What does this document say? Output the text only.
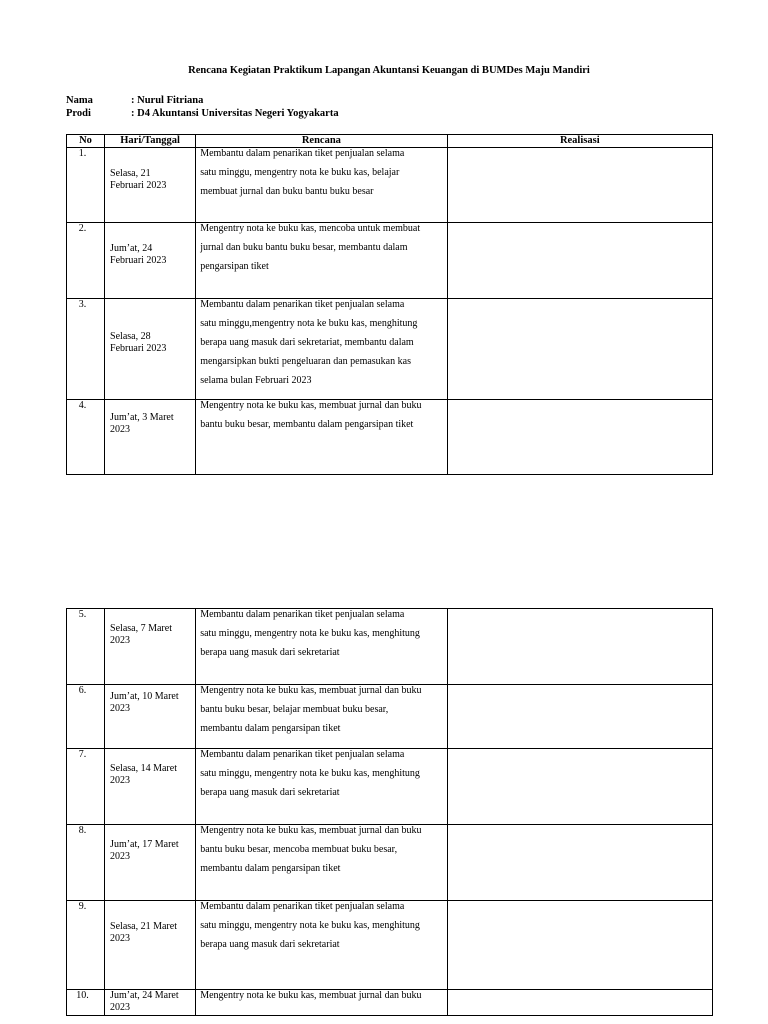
Rencana Kegiatan Praktikum Lapangan Akuntansi Keuangan di BUMDes Maju Mandiri
Nama	: Nurul Fitriana
Prodi	: D4 Akuntansi Universitas Negeri Yogyakarta
No	Hari/Tanggal	Rencana	Realisasi
1.	Selasa, 21
Februari 2023	Membantu dalam penarikan tiket penjualan selama
satu minggu, mengentry nota ke buku kas, belajar
membuat jurnal dan buku bantu buku besar	

2.	Jum’at, 24
Februari 2023	Mengentry nota ke buku kas, mencoba untuk membuat
jurnal dan buku bantu buku besar, membantu dalam
pengarsipan tiket	

3.	Selasa, 28
Februari 2023	Membantu dalam penarikan tiket penjualan selama
satu minggu,mengentry nota ke buku kas, menghitung
berapa uang masuk dari sekretariat, membantu dalam
mengarsipkan bukti pengeluaran dan pemasukan kas
selama bulan Februari 2023	

4.	Jum’at, 3 Maret
2023	Mengentry nota ke buku kas, membuat jurnal dan buku
bantu buku besar, membantu dalam pengarsipan tiket	

5.	Selasa, 7 Maret
2023	Membantu dalam penarikan tiket penjualan selama
satu minggu, mengentry nota ke buku kas, menghitung
berapa uang masuk dari sekretariat	

6.	Jum’at, 10 Maret
2023	Mengentry nota ke buku kas, membuat jurnal dan buku
bantu buku besar, belajar membuat buku besar,
membantu dalam pengarsipan tiket	

7.	Selasa, 14 Maret
2023	Membantu dalam penarikan tiket penjualan selama
satu minggu, mengentry nota ke buku kas, menghitung
berapa uang masuk dari sekretariat	

8.	Jum’at, 17 Maret
2023	Mengentry nota ke buku kas, membuat jurnal dan buku
bantu buku besar, mencoba membuat buku besar,
membantu dalam pengarsipan tiket	

9.	Selasa, 21 Maret
2023	Membantu dalam penarikan tiket penjualan selama
satu minggu, mengentry nota ke buku kas, menghitung
berapa uang masuk dari sekretariat	

10.	Jum’at, 24 Maret
2023	Mengentry nota ke buku kas, membuat jurnal dan buku	
